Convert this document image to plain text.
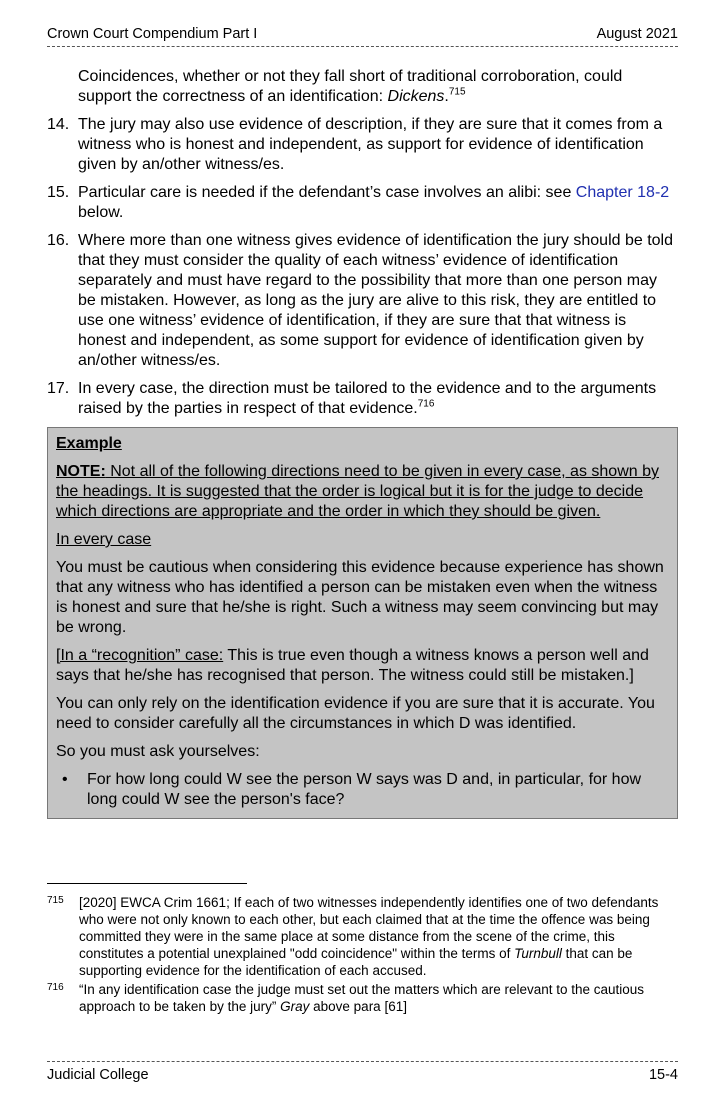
Crown Court Compendium Part I	August 2021
Coincidences, whether or not they fall short of traditional corroboration, could support the correctness of an identification: Dickens.$^{715}$
14. The jury may also use evidence of description, if they are sure that it comes from a witness who is honest and independent, as support for evidence of identification given by an/other witness/es.
15. Particular care is needed if the defendant’s case involves an alibi: see Chapter 18-2 below.
16. Where more than one witness gives evidence of identification the jury should be told that they must consider the quality of each witness’ evidence of identification separately and must have regard to the possibility that more than one person may be mistaken. However, as long as the jury are alive to this risk, they are entitled to use one witness’ evidence of identification, if they are sure that that witness is honest and independent, as some support for evidence of identification given by an/other witness/es.
17. In every case, the direction must be tailored to the evidence and to the arguments raised by the parties in respect of that evidence.$^{716}$

Example

NOTE: Not all of the following directions need to be given in every case, as shown by the headings. It is suggested that the order is logical but it is for the judge to decide which directions are appropriate and the order in which they should be given.

In every case

You must be cautious when considering this evidence because experience has shown that any witness who has identified a person can be mistaken even when the witness is honest and sure that he/she is right. Such a witness may seem convincing but may be wrong.

[In a “recognition” case: This is true even though a witness knows a person well and says that he/she has recognised that person. The witness could still be mistaken.]

You can only rely on the identification evidence if you are sure that it is accurate. You need to consider carefully all the circumstances in which D was identified.

So you must ask yourselves:

• For how long could W see the person W says was D and, in particular, for how long could W see the person's face?
715 [2020] EWCA Crim 1661; If each of two witnesses independently identifies one of two defendants who were not only known to each other, but each claimed that at the time the offence was being committed they were in the same place at some distance from the scene of the crime, this constitutes a potential unexplained "odd coincidence" within the terms of Turnbull that can be supporting evidence for the identification of each accused.
716 “In any identification case the judge must set out the matters which are relevant to the cautious approach to be taken by the jury” Gray above para [61]
Judicial College	15-4
